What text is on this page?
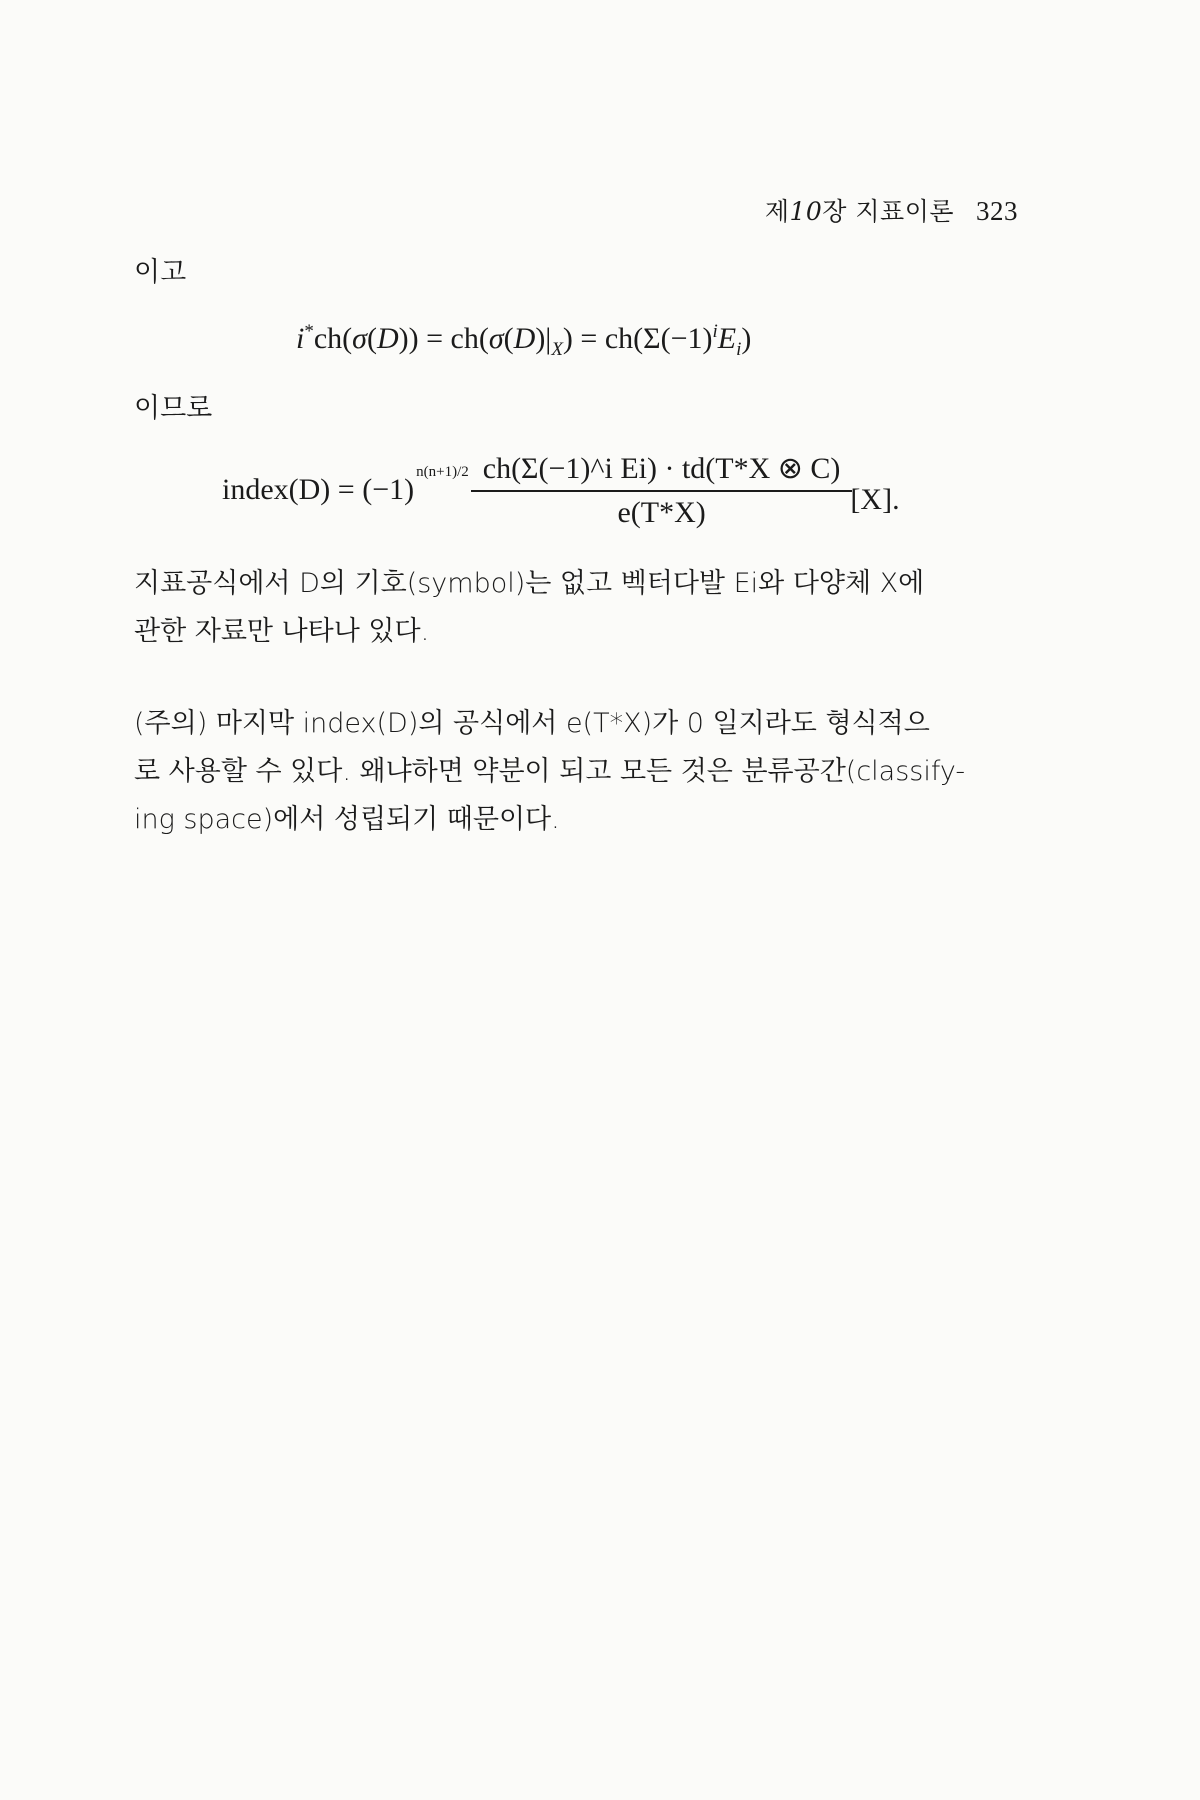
제10장 지표이론 323
이고
$i^*ch(\sigma(D)) = ch(\sigma(D)|_X) = ch(\Sigma(-1)^iE_i)$
이므로
index(D) = (−1)
$n(n+1)/2 \frac{\text{ch(Σ(−1)\textasciicircum{}i Ei) · td(T*X ⊗ C)}}{e(T*X)} [X]$.
지표공식에서 D의 기호(symbol)는 없고 벡터다발 Ei와 다양체 X에
관한 자료만 나타나 있다.
(주의) 마지막 index(D)의 공식에서 e(T*X)가 0 일지라도 형식적으
로 사용할 수 있다. 왜냐하면 약분이 되고 모든 것은 분류공간(classify-
ing space)에서 성립되기 때문이다.
